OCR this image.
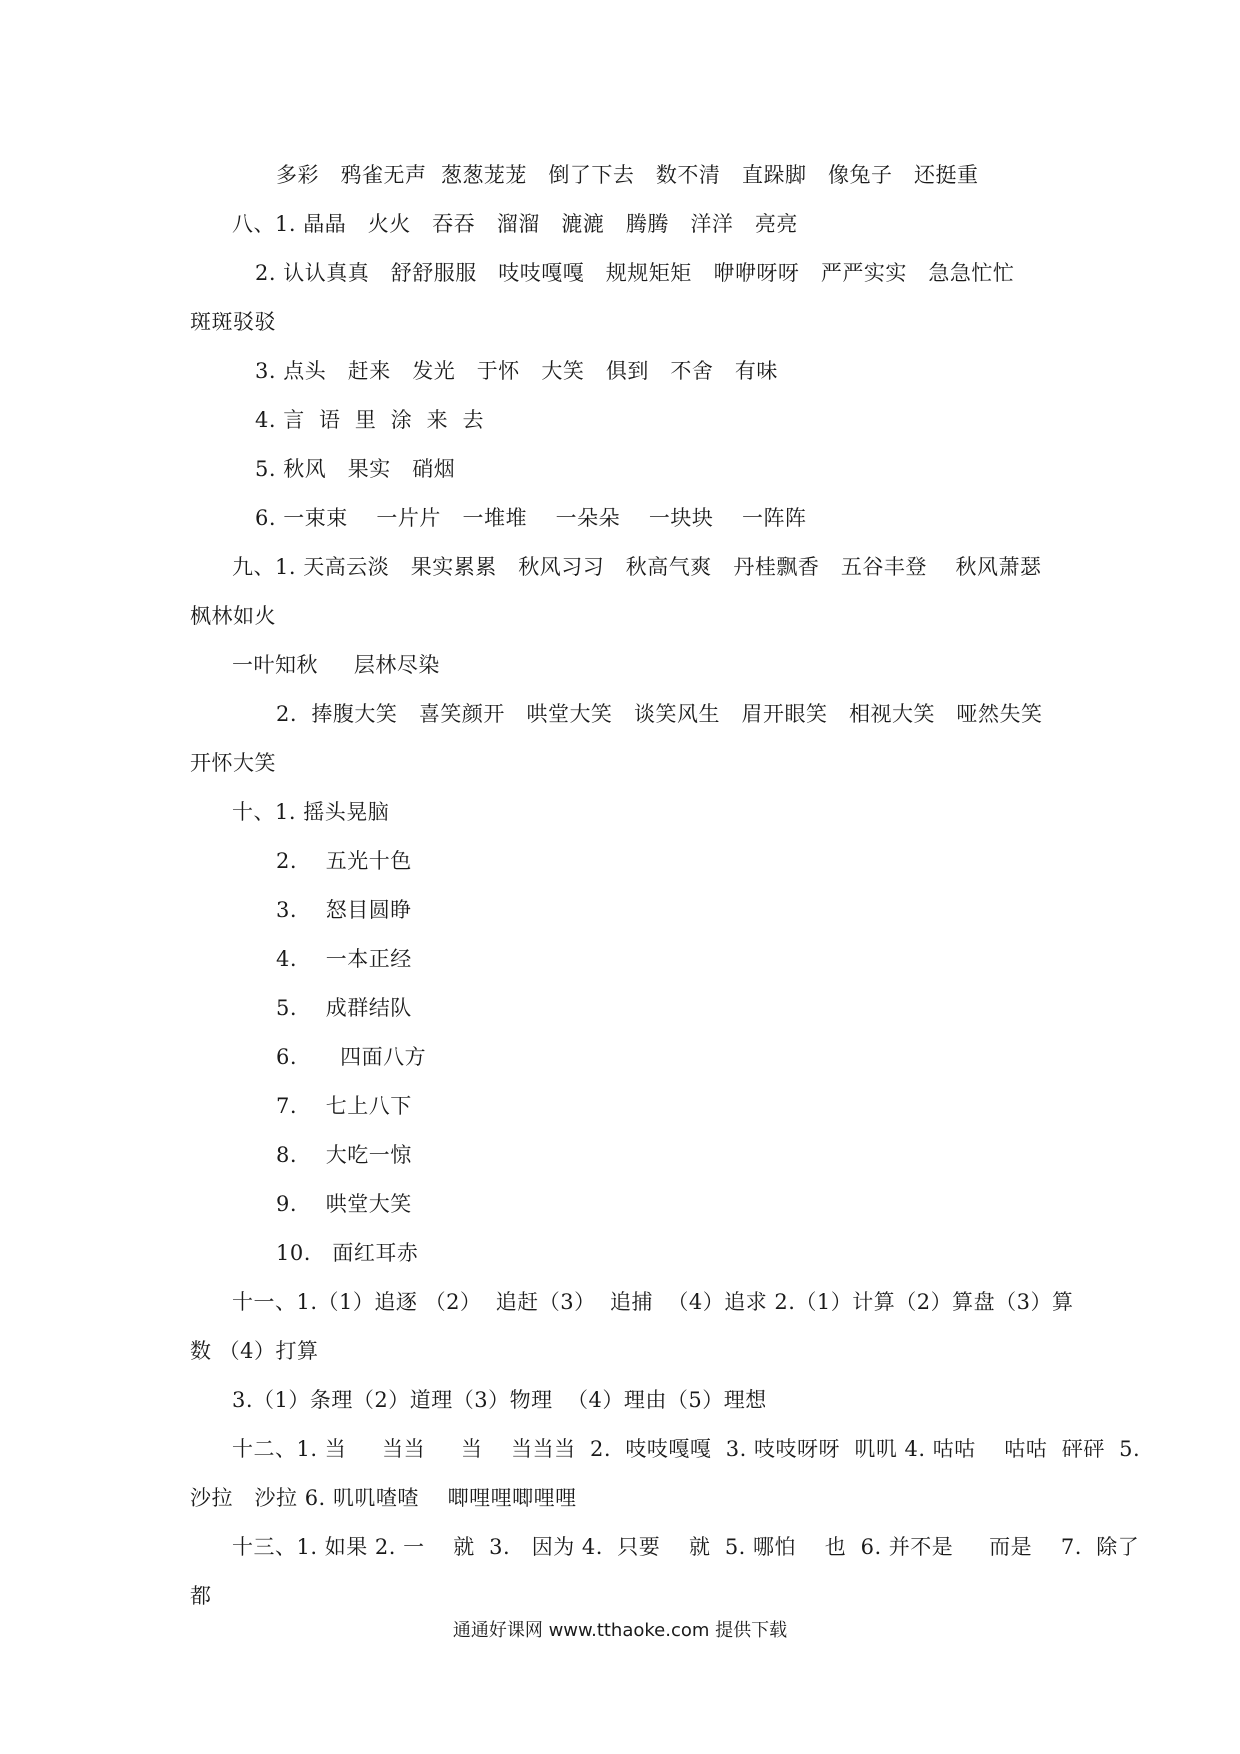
多彩   鸦雀无声  葱葱茏茏   倒了下去   数不清   直跺脚   像兔子   还挺重
八、1. 晶晶   火火   吞吞   溜溜   漉漉   腾腾   洋洋   亮亮
2. 认认真真   舒舒服服   吱吱嘎嘎   规规矩矩   咿咿呀呀   严严实实   急急忙忙
斑斑驳驳
3. 点头   赶来   发光   于怀   大笑   俱到   不舍   有味
4. 言  语  里  涂  来  去
5. 秋风   果实   硝烟
6. 一束束    一片片   一堆堆    一朵朵    一块块    一阵阵
九、1. 天高云淡   果实累累   秋风习习   秋高气爽   丹桂飘香   五谷丰登    秋风萧瑟
枫林如火
一叶知秋     层林尽染
2.  捧腹大笑   喜笑颜开   哄堂大笑   谈笑风生   眉开眼笑   相视大笑   哑然失笑
开怀大笑
十、1. 摇头晃脑
2.    五光十色
3.    怒目圆睁
4.    一本正经
5.    成群结队
6.      四面八方
7.    七上八下
8.    大吃一惊
9.    哄堂大笑
10.   面红耳赤
十一、1.（1）追逐 （2）  追赶（3）  追捕  （4）追求 2.（1）计算（2）算盘（3）算
数 （4）打算
3.（1）条理（2）道理（3）物理  （4）理由（5）理想
十二、1. 当     当当     当    当当当  2.  吱吱嘎嘎  3. 吱吱呀呀  叽叽 4. 咕咕    咕咕  砰砰  5.
沙拉   沙拉 6. 叽叽喳喳    唧哩哩唧哩哩
十三、1. 如果 2. 一    就  3.   因为 4.  只要    就  5. 哪怕    也  6. 并不是     而是    7.  除了
都
通通好课网 www.tthaoke.com 提供下载
